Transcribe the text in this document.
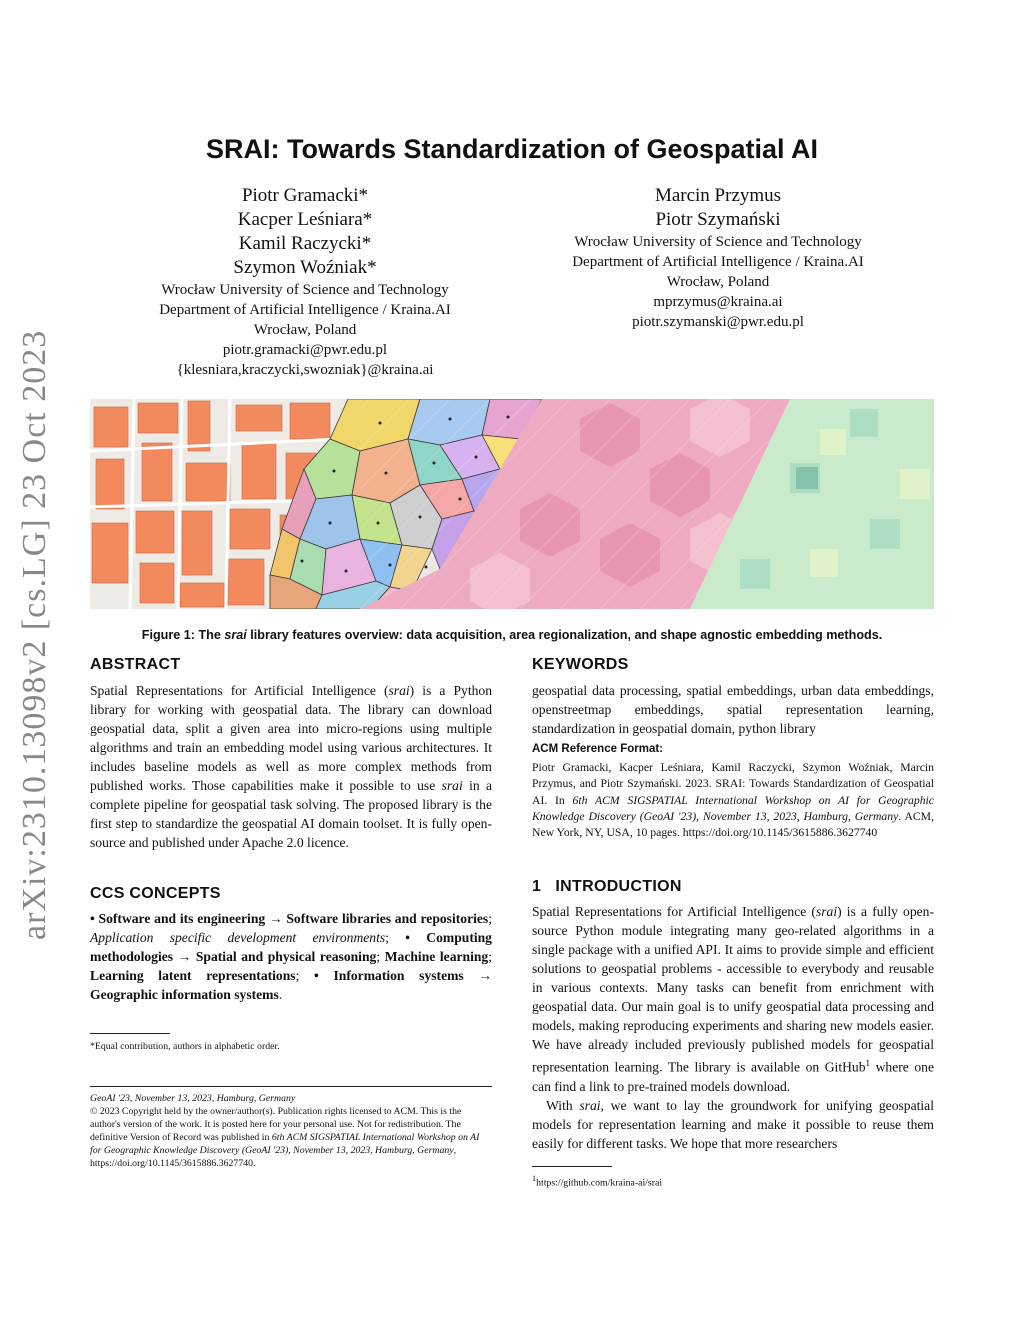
arXiv:2310.13098v2 [cs.LG] 23 Oct 2023
SRAI: Towards Standardization of Geospatial AI
Piotr Gramacki*
Kacper Leśniara*
Kamil Raczycki*
Szymon Woźniak*
Wrocław University of Science and Technology
Department of Artificial Intelligence / Kraina.AI
Wrocław, Poland
piotr.gramacki@pwr.edu.pl
{klesniara,kraczycki,swozniak}@kraina.ai
Marcin Przymus
Piotr Szymański
Wrocław University of Science and Technology
Department of Artificial Intelligence / Kraina.AI
Wrocław, Poland
mprzymus@kraina.ai
piotr.szymanski@pwr.edu.pl
Figure 1: The srai library features overview: data acquisition, area regionalization, and shape agnostic embedding methods.
ABSTRACT
Spatial Representations for Artificial Intelligence (srai) is a Python library for working with geospatial data. The library can download geospatial data, split a given area into micro-regions using multiple algorithms and train an embedding model using various architectures. It includes baseline models as well as more complex methods from published works. Those capabilities make it possible to use srai in a complete pipeline for geospatial task solving. The proposed library is the first step to standardize the geospatial AI domain toolset. It is fully open-source and published under Apache 2.0 licence.
CCS CONCEPTS
• Software and its engineering → Software libraries and repositories; Application specific development environments; • Computing methodologies → Spatial and physical reasoning; Machine learning; Learning latent representations; • Information systems → Geographic information systems.
*Equal contribution, authors in alphabetic order.
GeoAI '23, November 13, 2023, Hamburg, Germany
© 2023 Copyright held by the owner/author(s). Publication rights licensed to ACM. This is the author's version of the work. It is posted here for your personal use. Not for redistribution. The definitive Version of Record was published in 6th ACM SIGSPATIAL International Workshop on AI for Geographic Knowledge Discovery (GeoAI '23), November 13, 2023, Hamburg, Germany, https://doi.org/10.1145/3615886.3627740.
KEYWORDS
geospatial data processing, spatial embeddings, urban data embeddings, openstreetmap embeddings, spatial representation learning, standardization in geospatial domain, python library
ACM Reference Format:
Piotr Gramacki, Kacper Leśniara, Kamil Raczycki, Szymon Woźniak, Marcin Przymus, and Piotr Szymański. 2023. SRAI: Towards Standardization of Geospatial AI. In 6th ACM SIGSPATIAL International Workshop on AI for Geographic Knowledge Discovery (GeoAI '23), November 13, 2023, Hamburg, Germany. ACM, New York, NY, USA, 10 pages. https://doi.org/10.1145/3615886.3627740
1   INTRODUCTION
Spatial Representations for Artificial Intelligence (srai) is a fully open-source Python module integrating many geo-related algorithms in a single package with a unified API. It aims to provide simple and efficient solutions to geospatial problems - accessible to everybody and reusable in various contexts. Many tasks can benefit from enrichment with geospatial data. Our main goal is to unify geospatial data processing and models, making reproducing experiments and sharing new models easier. We have already included previously published models for geospatial representation learning. The library is available on GitHub$^1$ where one can find a link to pre-trained models download.
With srai, we want to lay the groundwork for unifying geospatial models for representation learning and make it possible to reuse them easily for different tasks. We hope that more researchers
$^1$https://github.com/kraina-ai/srai
